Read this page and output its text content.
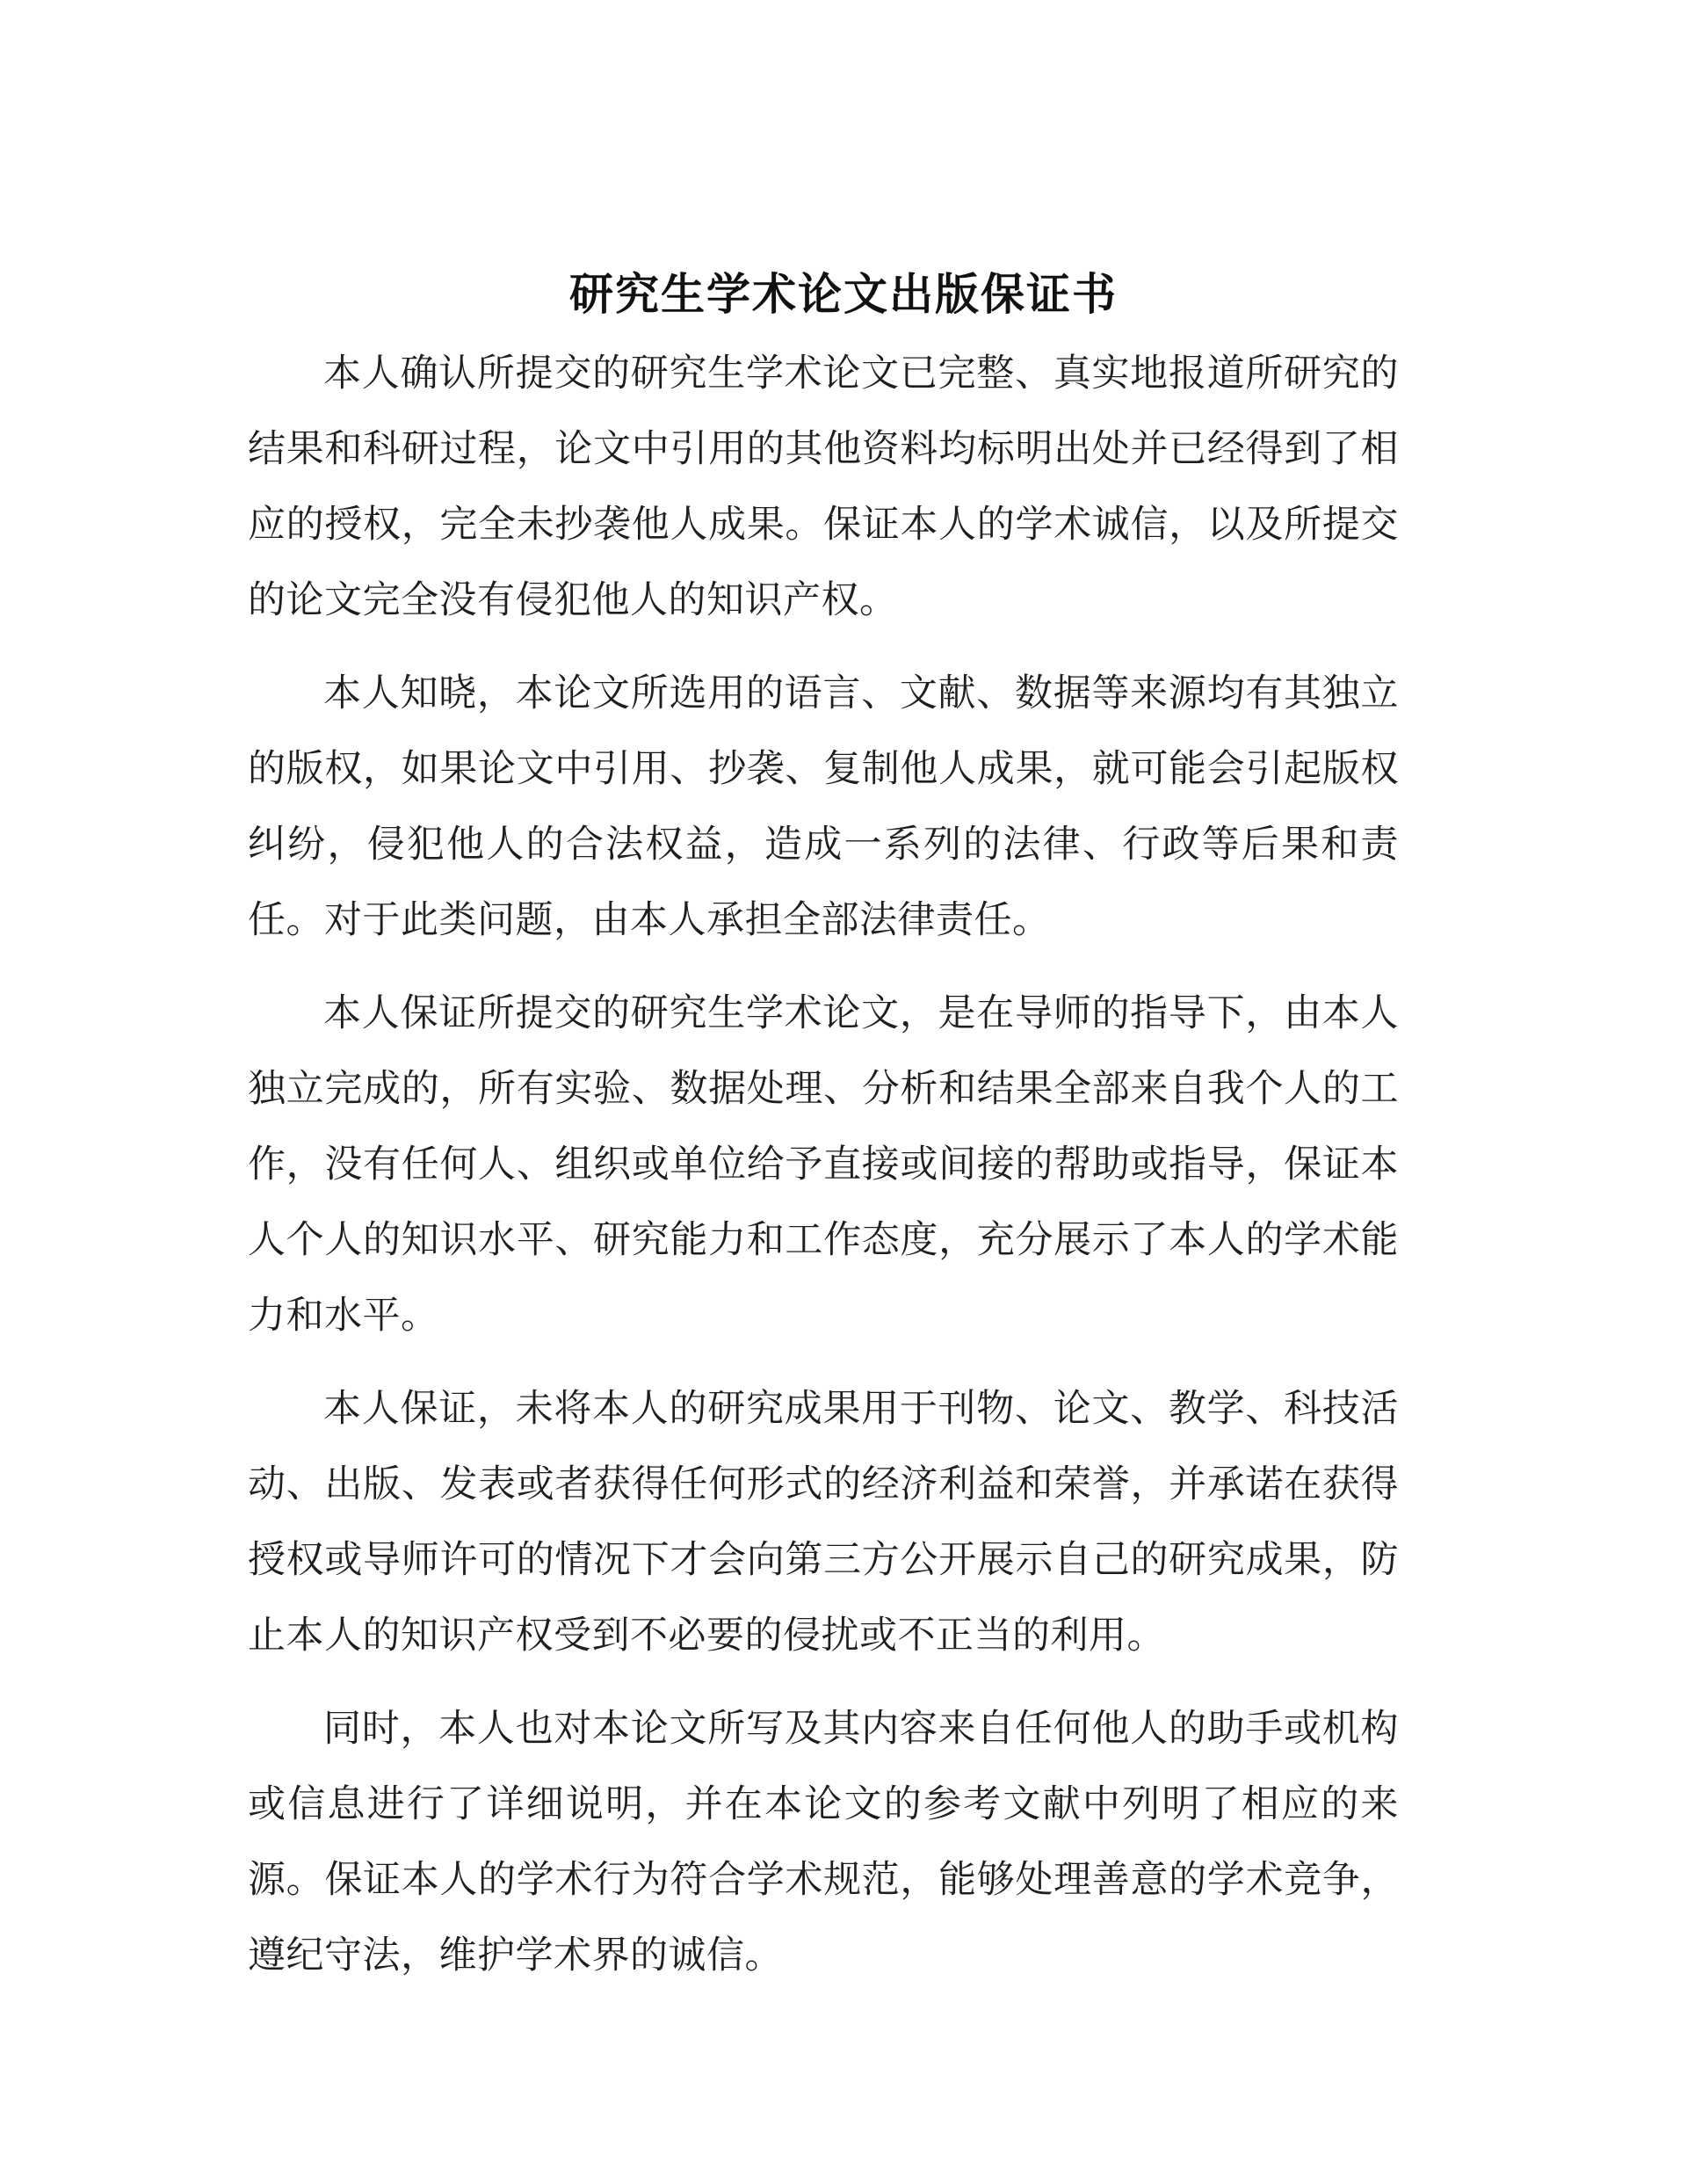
研究生学术论文出版保证书

本人确认所提交的研究生学术论文已完整、真实地报道所研究的结果和科研过程，论文中引用的其他资料均标明出处并已经得到了相应的授权，完全未抄袭他人成果。保证本人的学术诚信，以及所提交的论文完全没有侵犯他人的知识产权。

本人知晓，本论文所选用的语言、文献、数据等来源均有其独立的版权，如果论文中引用、抄袭、复制他人成果，就可能会引起版权纠纷，侵犯他人的合法权益，造成一系列的法律、行政等后果和责任。对于此类问题，由本人承担全部法律责任。

本人保证所提交的研究生学术论文，是在导师的指导下，由本人独立完成的，所有实验、数据处理、分析和结果全部来自我个人的工作，没有任何人、组织或单位给予直接或间接的帮助或指导，保证本人个人的知识水平、研究能力和工作态度，充分展示了本人的学术能力和水平。

本人保证，未将本人的研究成果用于刊物、论文、教学、科技活动、出版、发表或者获得任何形式的经济利益和荣誉，并承诺在获得授权或导师许可的情况下才会向第三方公开展示自己的研究成果，防止本人的知识产权受到不必要的侵扰或不正当的利用。

同时，本人也对本论文所写及其内容来自任何他人的助手或机构或信息进行了详细说明，并在本论文的参考文献中列明了相应的来源。保证本人的学术行为符合学术规范，能够处理善意的学术竞争，遵纪守法，维护学术界的诚信。
